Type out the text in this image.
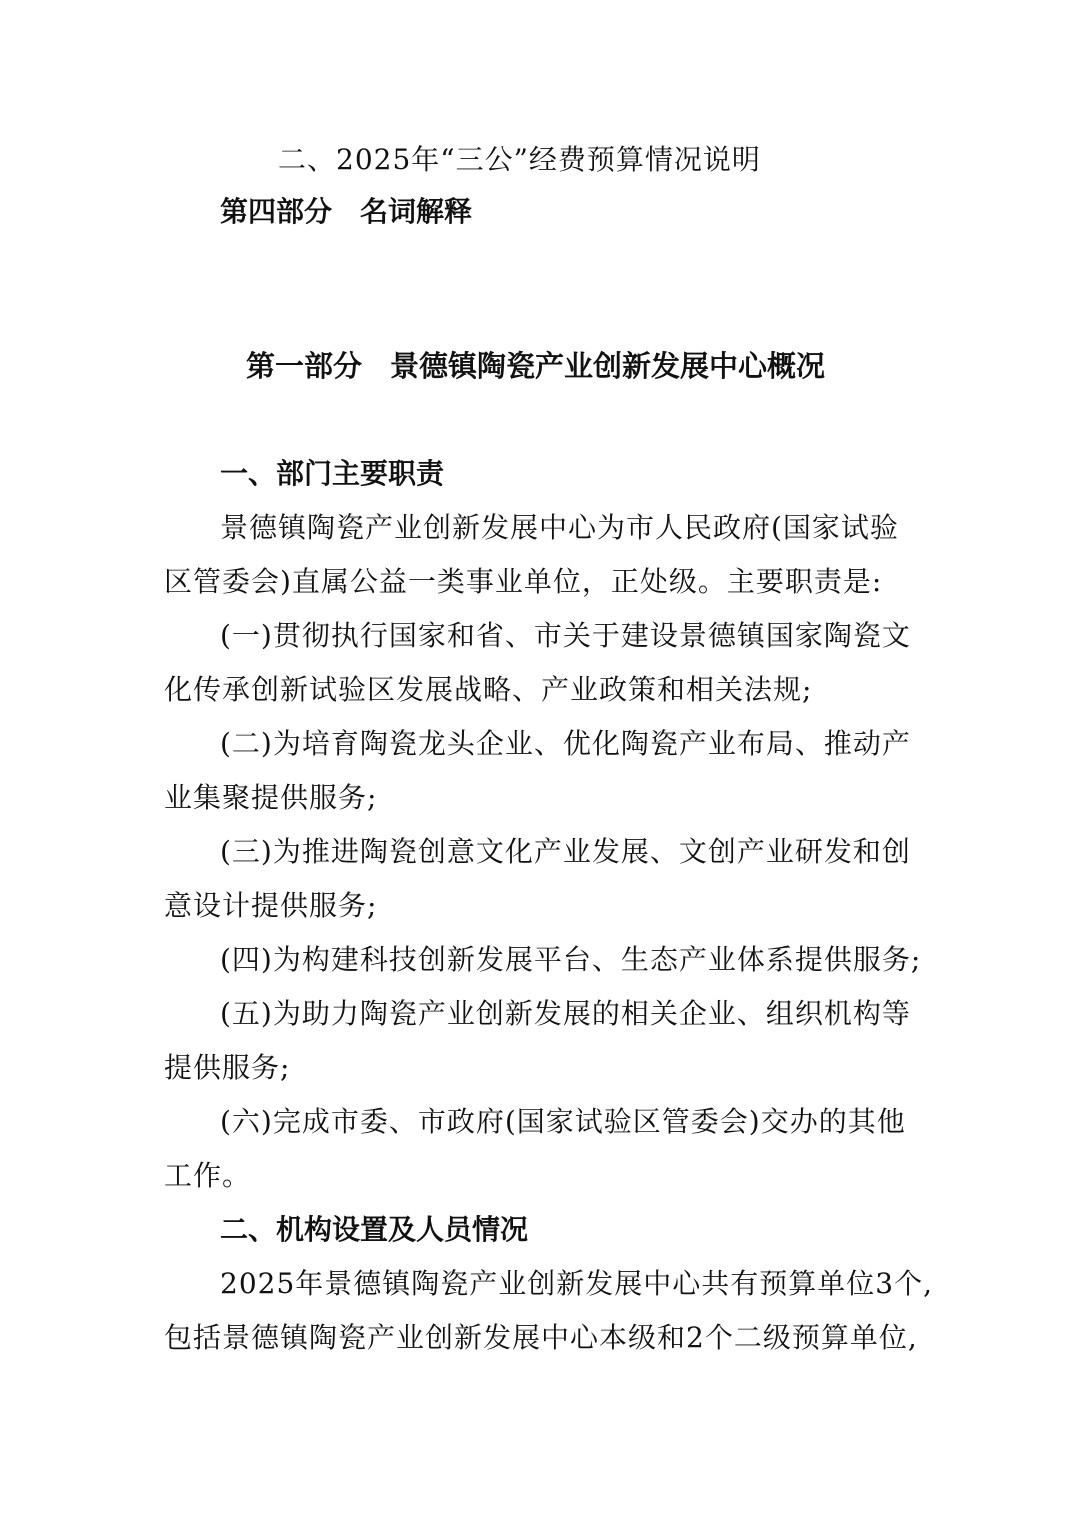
二、2025年“三公”经费预算情况说明
第四部分 名词解释
第一部分 景德镇陶瓷产业创新发展中心概况
一、部门主要职责
景德镇陶瓷产业创新发展中心为市人民政府(国家试验
区管委会)直属公益一类事业单位，正处级。主要职责是:
(一)贯彻执行国家和省、市关于建设景德镇国家陶瓷文
化传承创新试验区发展战略、产业政策和相关法规;
(二)为培育陶瓷龙头企业、优化陶瓷产业布局、推动产
业集聚提供服务;
(三)为推进陶瓷创意文化产业发展、文创产业研发和创
意设计提供服务;
(四)为构建科技创新发展平台、生态产业体系提供服务;
(五)为助力陶瓷产业创新发展的相关企业、组织机构等
提供服务;
(六)完成市委、市政府(国家试验区管委会)交办的其他
工作。
二、机构设置及人员情况
2025年景德镇陶瓷产业创新发展中心共有预算单位3个,
包括景德镇陶瓷产业创新发展中心本级和2个二级预算单位,
